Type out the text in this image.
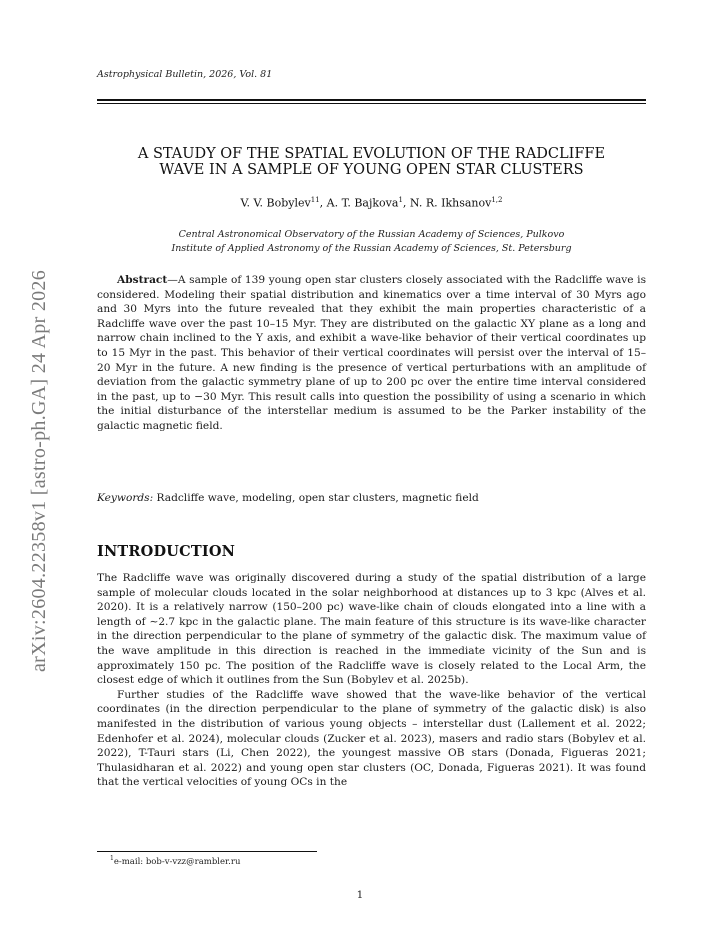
Astrophysical Bulletin, 2026, Vol. 81
arXiv:2604.22358v1 [astro-ph.GA] 24 Apr 2026
A STAUDY OF THE SPATIAL EVOLUTION OF THE RADCLIFFE
WAVE IN A SAMPLE OF YOUNG OPEN STAR CLUSTERS
V. V. Bobylev$^{11}$, A. T. Bajkova$^1$, N. R. Ikhsanov$^{1,2}$
Central Astronomical Observatory of the Russian Academy of Sciences, Pulkovo
Institute of Applied Astronomy of the Russian Academy of Sciences, St. Petersburg
Abstract—A sample of 139 young open star clusters closely associated with the Radcliffe wave is considered. Modeling their spatial distribution and kinematics over a time interval of 30 Myrs ago and 30 Myrs into the future revealed that they exhibit the main properties characteristic of a Radcliffe wave over the past 10–15 Myr. They are distributed on the galactic XY plane as a long and narrow chain inclined to the Y axis, and exhibit a wave-like behavior of their vertical coordinates up to 15 Myr in the past. This behavior of their vertical coordinates will persist over the interval of 15–20 Myr in the future. A new finding is the presence of vertical perturbations with an amplitude of deviation from the galactic symmetry plane of up to 200 pc over the entire time interval considered in the past, up to −30 Myr. This result calls into question the possibility of using a scenario in which the initial disturbance of the interstellar medium is assumed to be the Parker instability of the galactic magnetic field.
Keywords: Radcliffe wave, modeling, open star clusters, magnetic field
INTRODUCTION

The Radcliffe wave was originally discovered during a study of the spatial distribution of a large sample of molecular clouds located in the solar neighborhood at distances up to 3 kpc (Alves et al. 2020). It is a relatively narrow (150–200 pc) wave-like chain of clouds elongated into a line with a length of ∼2.7 kpc in the galactic plane. The main feature of this structure is its wave-like character in the direction perpendicular to the plane of symmetry of the galactic disk. The maximum value of the wave amplitude in this direction is reached in the immediate vicinity of the Sun and is approximately 150 pc. The position of the Radcliffe wave is closely related to the Local Arm, the closest edge of which it outlines from the Sun (Bobylev et al. 2025b).

Further studies of the Radcliffe wave showed that the wave-like behavior of the vertical coordinates (in the direction perpendicular to the plane of symmetry of the galactic disk) is also manifested in the distribution of various young objects – interstellar dust (Lallement et al. 2022; Edenhofer et al. 2024), molecular clouds (Zucker et al. 2023), masers and radio stars (Bobylev et al. 2022), T-Tauri stars (Li, Chen 2022), the youngest massive OB stars (Donada, Figueras 2021; Thulasidharan et al. 2022) and young open star clusters (OC, Donada, Figueras 2021). It was found that the vertical velocities of young OCs in the

$^1$e-mail: bob-v-vzz@rambler.ru
1
